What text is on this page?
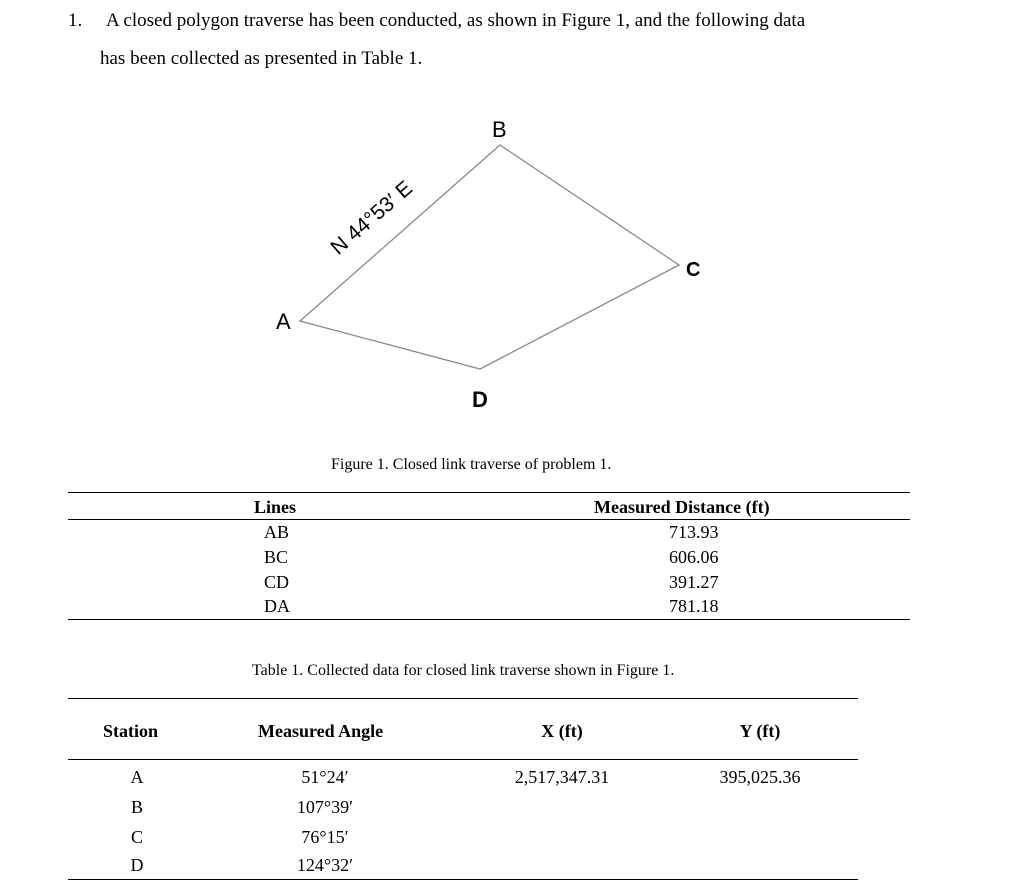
1. A closed polygon traverse has been conducted, as shown in Figure 1, and the following data
has been collected as presented in Table 1.
A
B
C
D
N 44°53′ E
Figure 1. Closed link traverse of problem 1.
Lines	Measured Distance (ft)
AB	713.93
BC	606.06
CD	391.27
DA	781.18
Table 1. Collected data for closed link traverse shown in Figure 1.
Station	Measured Angle	X (ft)	Y (ft)
A	51°24′	2,517,347.31	395,025.36
B	107°39′
C	76°15′
D	124°32′
